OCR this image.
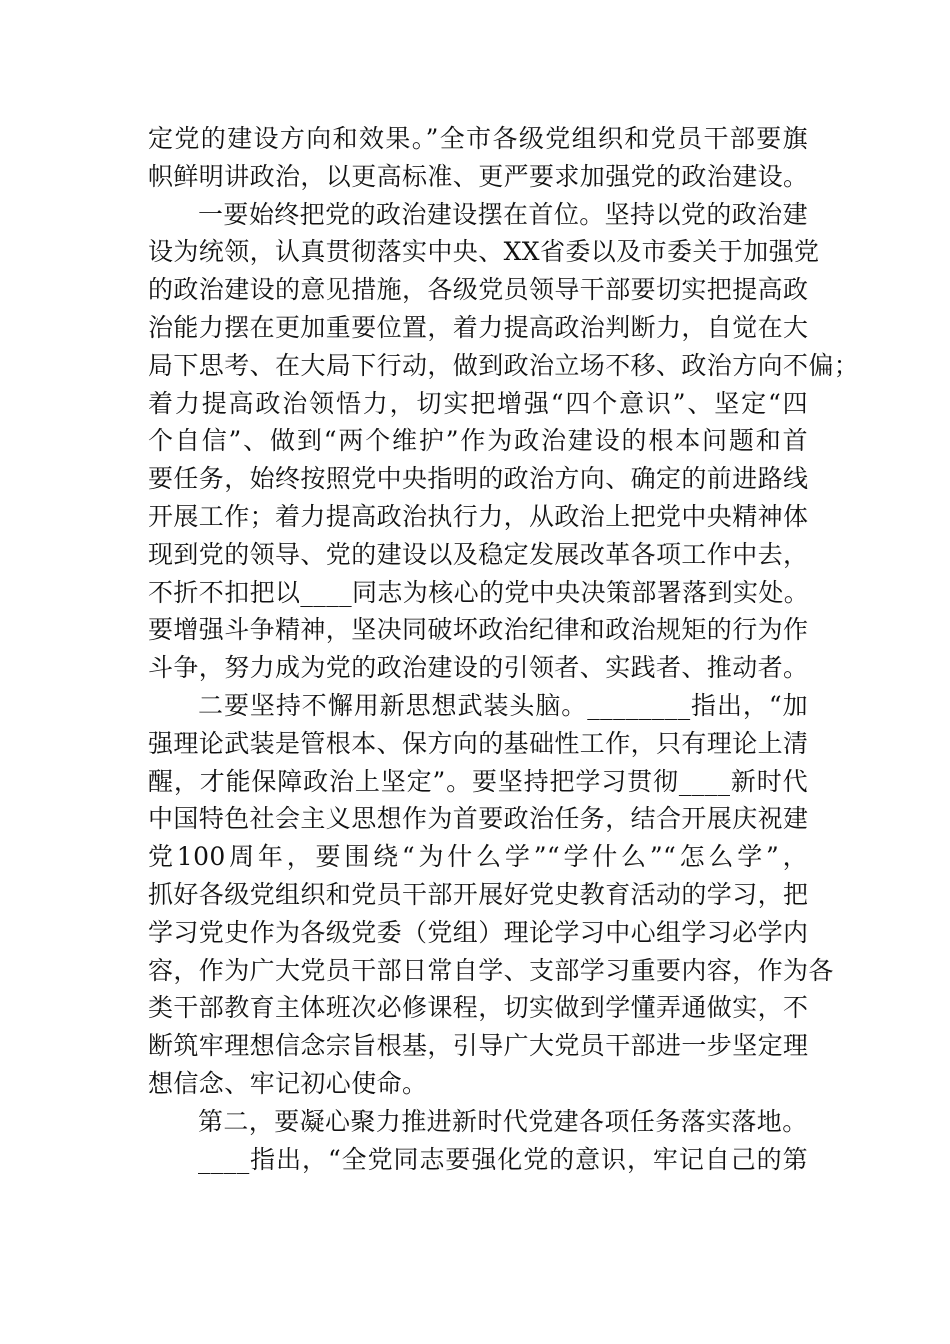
定党的建设方向和效果。”全市各级党组织和党员干部要旗
帜鲜明讲政治，以更高标准、更严要求加强党的政治建设。
一要始终把党的政治建设摆在首位。坚持以党的政治建
设为统领，认真贯彻落实中央、XX省委以及市委关于加强党
的政治建设的意见措施，各级党员领导干部要切实把提高政
治能力摆在更加重要位置，着力提高政治判断力，自觉在大
局下思考、在大局下行动，做到政治立场不移、政治方向不偏；
着力提高政治领悟力，切实把增强“四个意识”、坚定“四
个自信”、做到“两个维护”作为政治建设的根本问题和首
要任务，始终按照党中央指明的政治方向、确定的前进路线
开展工作；着力提高政治执行力，从政治上把党中央精神体
现到党的领导、党的建设以及稳定发展改革各项工作中去，
不折不扣把以____同志为核心的党中央决策部署落到实处。
要增强斗争精神，坚决同破坏政治纪律和政治规矩的行为作
斗争，努力成为党的政治建设的引领者、实践者、推动者。
二要坚持不懈用新思想武装头脑。________指出，“加
强理论武装是管根本、保方向的基础性工作，只有理论上清
醒，才能保障政治上坚定”。要坚持把学习贯彻____新时代
中国特色社会主义思想作为首要政治任务，结合开展庆祝建
党100周年，要围绕“为什么学”“学什么”“怎么学”，
抓好各级党组织和党员干部开展好党史教育活动的学习，把
学习党史作为各级党委（党组）理论学习中心组学习必学内
容，作为广大党员干部日常自学、支部学习重要内容，作为各
类干部教育主体班次必修课程，切实做到学懂弄通做实，不
断筑牢理想信念宗旨根基，引导广大党员干部进一步坚定理
想信念、牢记初心使命。
第二，要凝心聚力推进新时代党建各项任务落实落地。
____指出，“全党同志要强化党的意识，牢记自己的第
